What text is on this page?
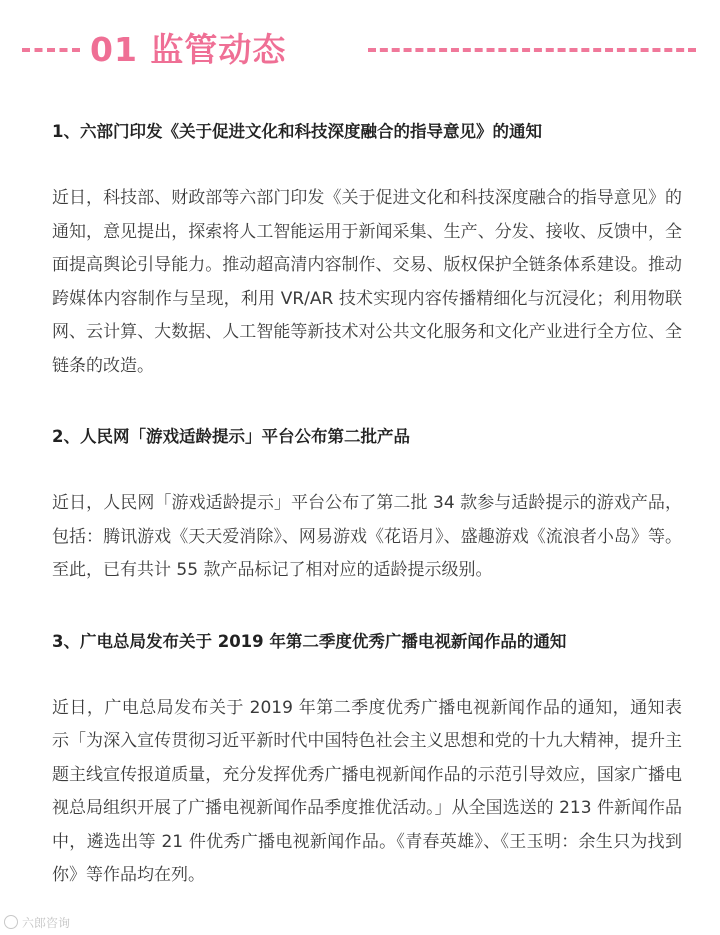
01 监管动态
1、六部门印发《关于促进文化和科技深度融合的指导意见》的通知

近日，科技部、财政部等六部门印发《关于促进文化和科技深度融合的指导意见》的通知，意见提出，探索将人工智能运用于新闻采集、生产、分发、接收、反馈中，全面提高舆论引导能力。推动超高清内容制作、交易、版权保护全链条体系建设。推动跨媒体内容制作与呈现，利用 VR/AR 技术实现内容传播精细化与沉浸化；利用物联网、云计算、大数据、人工智能等新技术对公共文化服务和文化产业进行全方位、全链条的改造。

2、人民网「游戏适龄提示」平台公布第二批产品

近日，人民网「游戏适龄提示」平台公布了第二批 34 款参与适龄提示的游戏产品，包括：腾讯游戏《天天爱消除》、网易游戏《花语月》、盛趣游戏《流浪者小岛》等。至此，已有共计 55 款产品标记了相对应的适龄提示级别。

3、广电总局发布关于 2019 年第二季度优秀广播电视新闻作品的通知

近日，广电总局发布关于 2019 年第二季度优秀广播电视新闻作品的通知，通知表示「为深入宣传贯彻习近平新时代中国特色社会主义思想和党的十九大精神，提升主题主线宣传报道质量，充分发挥优秀广播电视新闻作品的示范引导效应，国家广播电视总局组织开展了广播电视新闻作品季度推优活动。」从全国选送的 213 件新闻作品中，遴选出等 21 件优秀广播电视新闻作品。《青春英雄》、《王玉明：余生只为找到你》等作品均在列。

六郎咨询
